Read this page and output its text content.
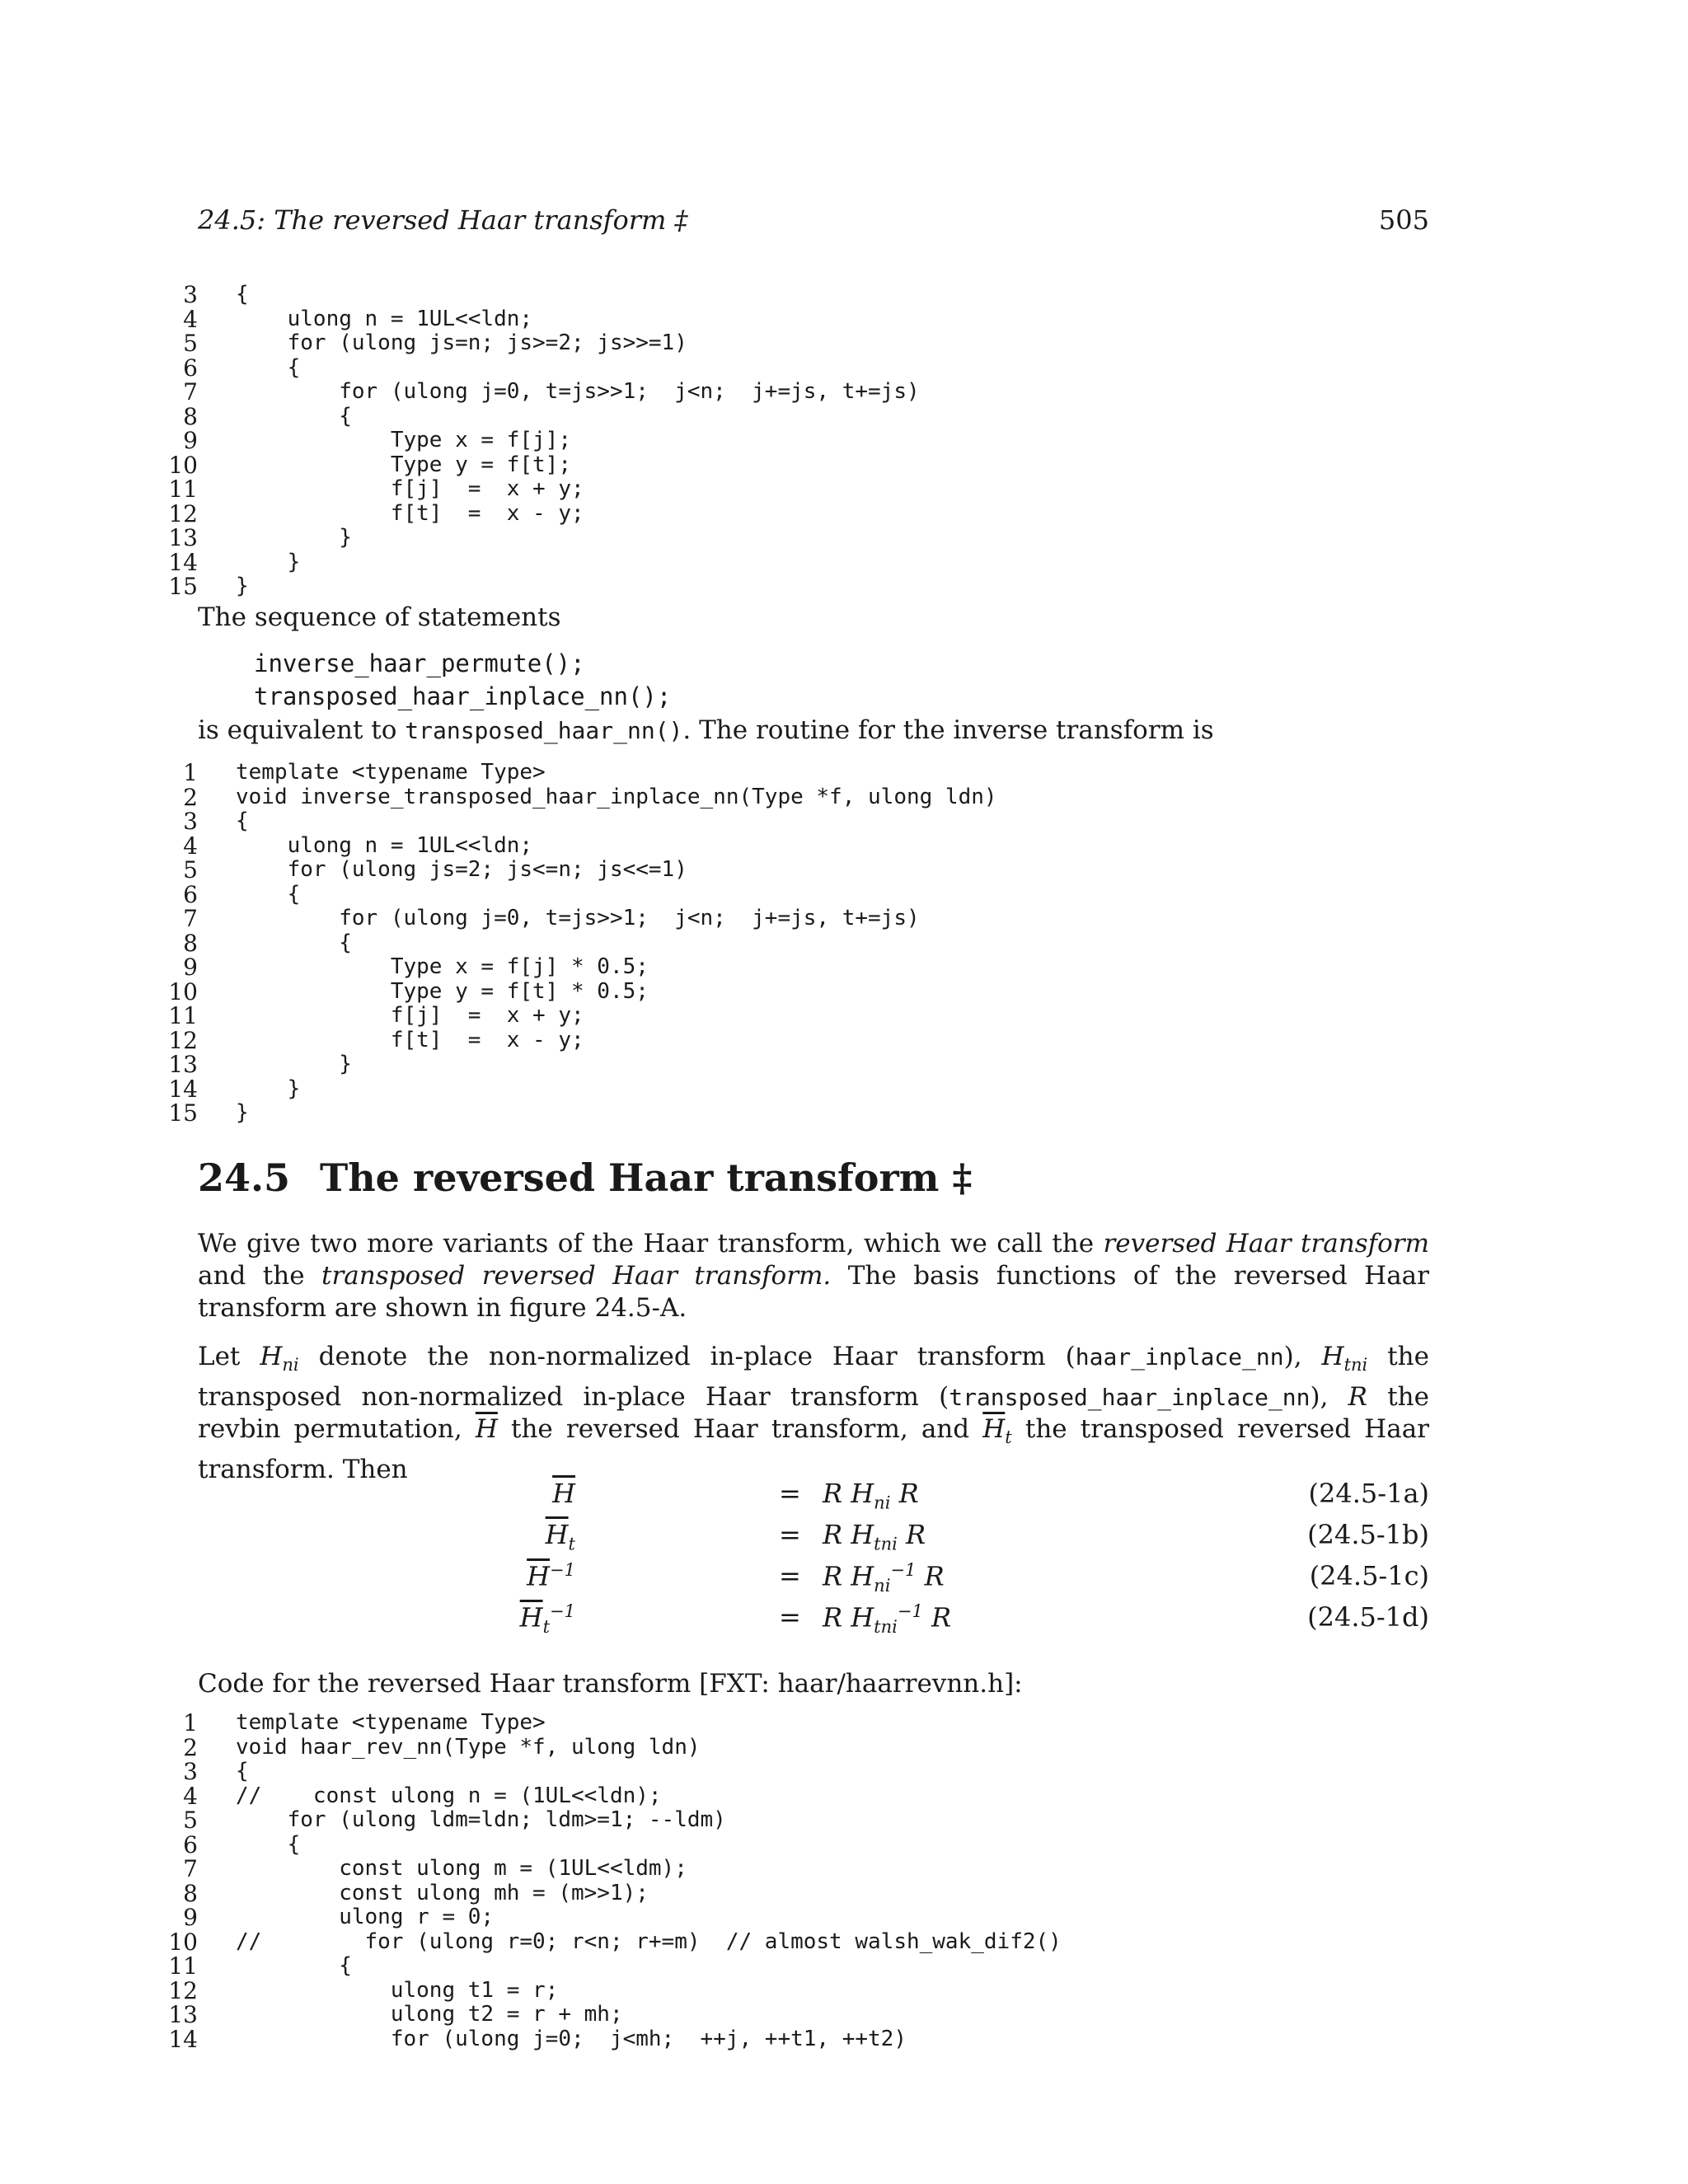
24.5: The reversed Haar transform ‡	505
3 {
4 ulong n = 1UL<<ldn;
5 for (ulong js=n; js>=2; js>>=1)
6 {
7 for (ulong j=0, t=js>>1;  j<n;  j+=js, t+=js)
8 {
9 Type x = f[j];
10 Type y = f[t];
11 f[j]  =  x + y;
12 f[t]  =  x - y;
13 }
14 }
15 }
The sequence of statements
inverse_haar_permute();
transposed_haar_inplace_nn();
is equivalent to transposed_haar_nn(). The routine for the inverse transform is
1 template <typename Type>
2 void inverse_transposed_haar_inplace_nn(Type *f, ulong ldn)
3 {
4 ulong n = 1UL<<ldn;
5 for (ulong js=2; js<=n; js<<=1)
6 {
7 for (ulong j=0, t=js>>1;  j<n;  j+=js, t+=js)
8 {
9 Type x = f[j] * 0.5;
10 Type y = f[t] * 0.5;
11 f[j]  =  x + y;
12 f[t]  =  x - y;
13 }
14 }
15 }
24.5 The reversed Haar transform ‡
We give two more variants of the Haar transform, which we call the reversed Haar transform and the transposed reversed Haar transform. The basis functions of the reversed Haar transform are shown in figure 24.5-A.
Let $H_{ni}$ denote the non-normalized in-place Haar transform (haar_inplace_nn), $H_{tni}$ the transposed non-normalized in-place Haar transform (transposed_haar_inplace_nn), R the revbin permutation, $\overline{H}$ the reversed Haar transform, and $\overline{H}_t$ the transposed reversed Haar transform. Then
$\overline{H}$	= R $H_{ni}$ R	(24.5-1a)
$\overline{H}_t$	= R $H_{tni}$ R	(24.5-1b)
$\overline{H}^{-1}$	= R $H_{ni}^{-1}$ R	(24.5-1c)
$\overline{H}_t^{-1}$	= R $H_{tni}^{-1}$ R	(24.5-1d)
Code for the reversed Haar transform [FXT: haar/haarrevnn.h]:
1 template <typename Type>
2 void haar_rev_nn(Type *f, ulong ldn)
3 {
4 //    const ulong n = (1UL<<ldn);
5 for (ulong ldm=ldn; ldm>=1; --ldm)
6 {
7 const ulong m = (1UL<<ldm);
8 const ulong mh = (m>>1);
9 ulong r = 0;
10 //        for (ulong r=0; r<n; r+=m)  // almost walsh_wak_dif2()
11 {
12 ulong t1 = r;
13 ulong t2 = r + mh;
14 for (ulong j=0;  j<mh;  ++j, ++t1, ++t2)
